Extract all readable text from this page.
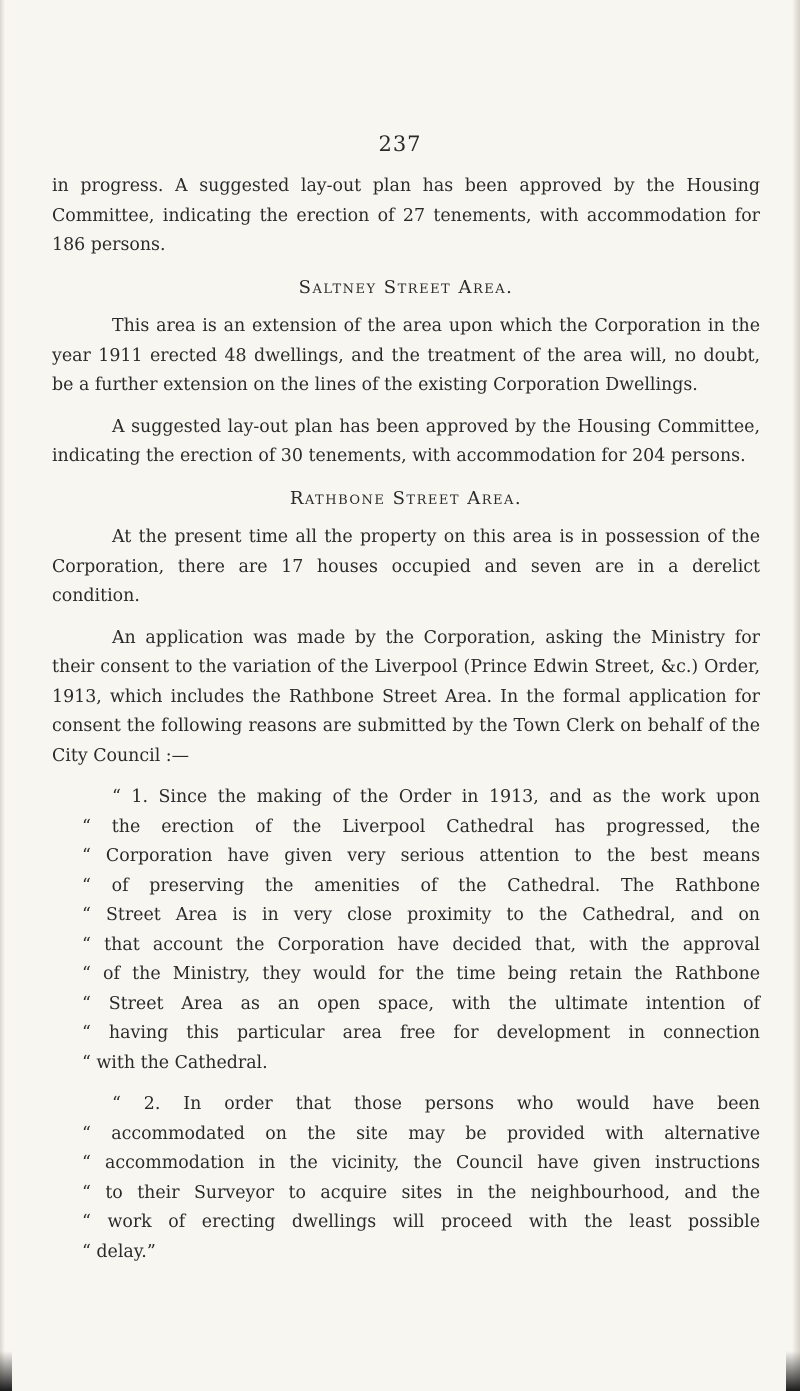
237

in progress. A suggested lay-out plan has been approved by the Housing Committee, indicating the erection of 27 tenements, with accommodation for 186 persons.

Saltney Street Area.

This area is an extension of the area upon which the Corporation in the year 1911 erected 48 dwellings, and the treatment of the area will, no doubt, be a further extension on the lines of the existing Corporation Dwellings.

A suggested lay-out plan has been approved by the Housing Committee, indicating the erection of 30 tenements, with accommodation for 204 persons.

Rathbone Street Area.

At the present time all the property on this area is in possession of the Corporation, there are 17 houses occupied and seven are in a derelict condition.

An application was made by the Corporation, asking the Ministry for their consent to the variation of the Liverpool (Prince Edwin Street, &c.) Order, 1913, which includes the Rathbone Street Area. In the formal application for consent the following reasons are submitted by the Town Clerk on behalf of the City Council :—

“ 1. Since the making of the Order in 1913, and as the work upon
“ the erection of the Liverpool Cathedral has progressed, the
“ Corporation have given very serious attention to the best means
“ of preserving the amenities of the Cathedral. The Rathbone
“ Street Area is in very close proximity to the Cathedral, and on
“ that account the Corporation have decided that, with the approval
“ of the Ministry, they would for the time being retain the Rathbone
“ Street Area as an open space, with the ultimate intention of
“ having this particular area free for development in connection
“ with the Cathedral.
“ 2. In order that those persons who would have been
“ accommodated on the site may be provided with alternative
“ accommodation in the vicinity, the Council have given instructions
“ to their Surveyor to acquire sites in the neighbourhood, and the
“ work of erecting dwellings will proceed with the least possible
“ delay.”
